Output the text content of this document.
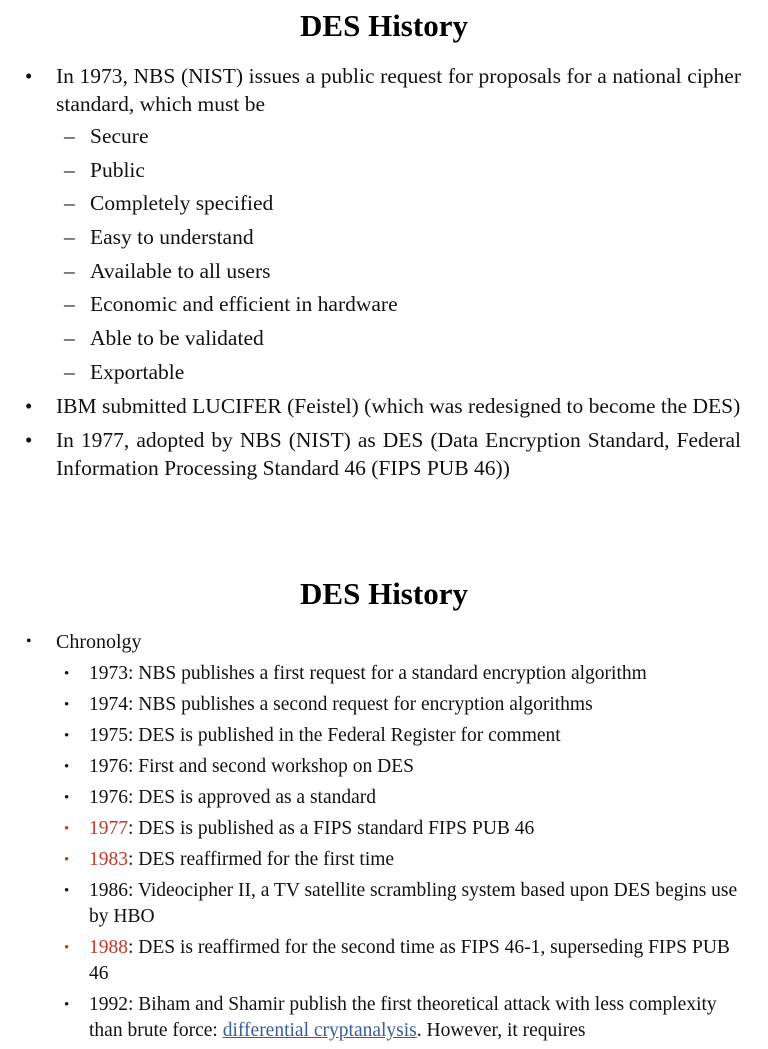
DES History
• In 1973, NBS (NIST) issues a public request for proposals for a national cipher standard, which must be
– Secure
– Public
– Completely specified
– Easy to understand
– Available to all users
– Economic and efficient in hardware
– Able to be validated
– Exportable
• IBM submitted LUCIFER (Feistel) (which was redesigned to become the DES)
• In 1977, adopted by NBS (NIST) as DES (Data Encryption Standard, Federal Information Processing Standard 46 (FIPS PUB 46))
DES History
• Chronolgy
• 1973: NBS publishes a first request for a standard encryption algorithm
• 1974: NBS publishes a second request for encryption algorithms
• 1975: DES is published in the Federal Register for comment
• 1976: First and second workshop on DES
• 1976: DES is approved as a standard
• 1977: DES is published as a FIPS standard FIPS PUB 46
• 1983: DES reaffirmed for the first time
• 1986: Videocipher II, a TV satellite scrambling system based upon DES begins use by HBO
• 1988: DES is reaffirmed for the second time as FIPS 46-1, superseding FIPS PUB 46
• 1992: Biham and Shamir publish the first theoretical attack with less complexity than brute force: differential cryptanalysis. However, it requires
